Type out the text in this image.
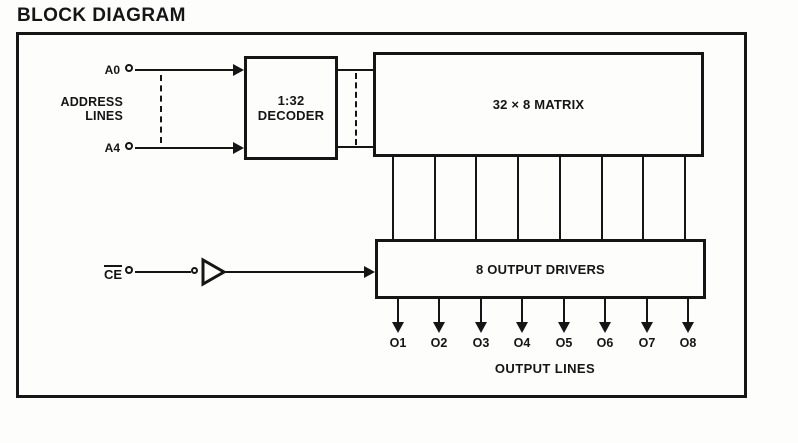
BLOCK DIAGRAM
A0
A4
ADDRESS
LINES
1:32
DECODER
32 × 8 MATRIX
CE	8 OUTPUT DRIVERS
O1	O2	O3	O4	O5	O6	O7	O8
OUTPUT LINES
